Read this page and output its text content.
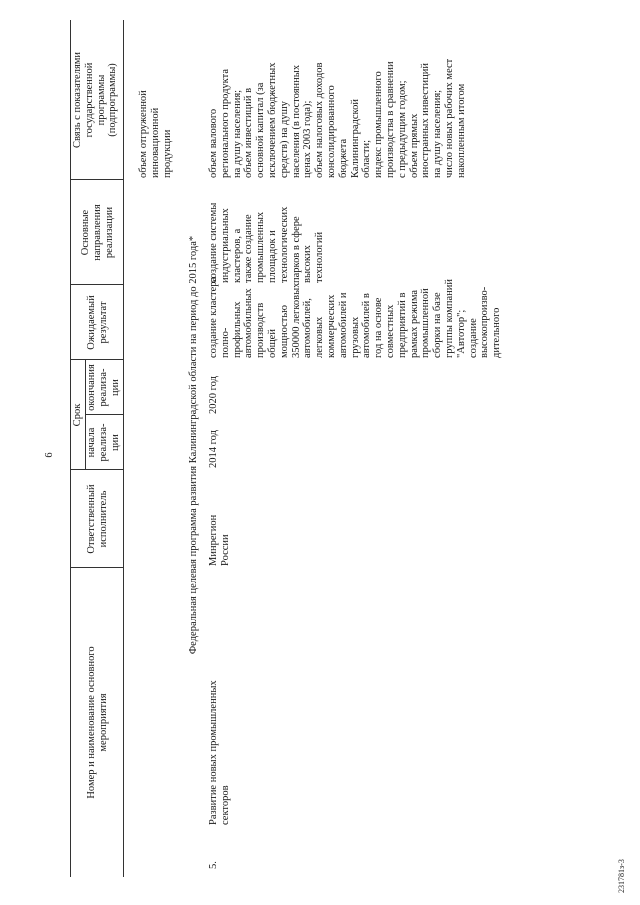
6
Номер и наименование основного мероприятия
Ответственный исполнитель
Срок
начала реализа- ции
окончания реализа- ции
Ожидаемый результат
Основные направления реализации
Связь с показателями государственной программы (подпрограммы) объем отгруженной инновационной продукции
Федеральная целевая программа развития Калининградской области на период до 2015 года*
5.
Развитие новых промышленных секторов
Минрегион России
2014 год
2020 год
создание кластера полно- профильных автомобильных производств общей мощностью 350000 легковых автомобилей, легковых коммерческих автомобилей и грузовых автомобилей в год на основе совместных предприятий в рамках режима промышленной сборки на базе группы компаний "Автотор"; создание высокопроизво- дительного
создание системы индустриальных кластеров, а также создание промышленных площадок и технологических парков в сфере высоких технологий
объем валового регионального продукта на душу населения; объем инвестиций в основной капитал (за исключением бюджетных средств) на душу населения (в постоянных ценах 2003 года); объем налоговых доходов консолидированного бюджета Калининградской области; индекс промышленного производства в сравнении с предыдущим годом; объем прямых иностранных инвестиций на душу населения; число новых рабочих мест накопленным итогом
231781з-3
